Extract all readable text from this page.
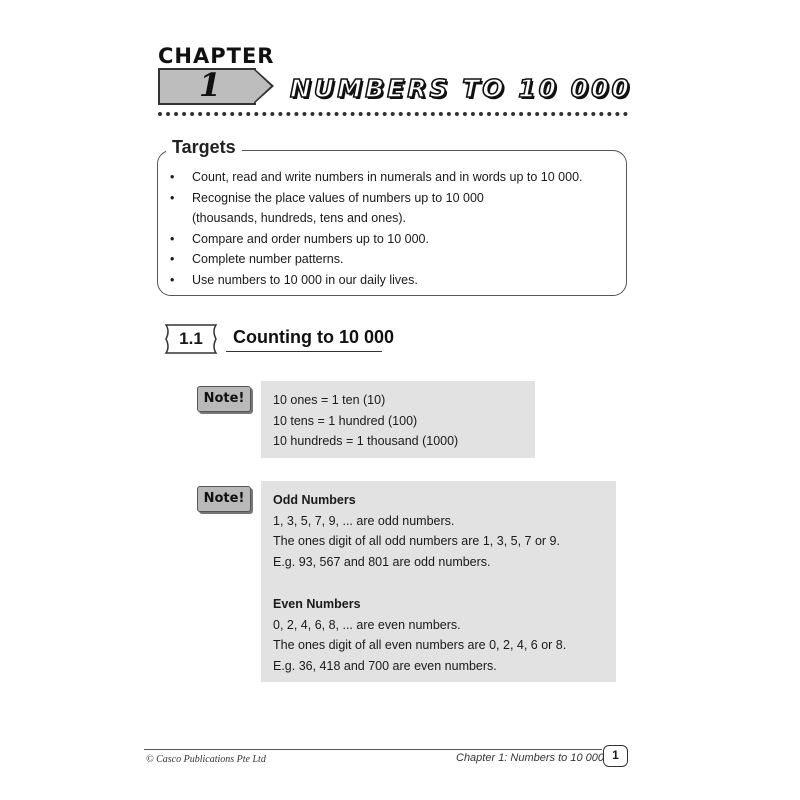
CHAPTER
1	NUMBERS TO 10 000
Targets
• Count, read and write numbers in numerals and in words up to 10 000.
• Recognise the place values of numbers up to 10 000
(thousands, hundreds, tens and ones).
• Compare and order numbers up to 10 000.
• Complete number patterns.
• Use numbers to 10 000 in our daily lives.
1.1	Counting to 10 000
Note!	10 ones = 1 ten (10)
10 tens = 1 hundred (100)
10 hundreds = 1 thousand (1000)
Note!	Odd Numbers
1, 3, 5, 7, 9, ... are odd numbers.
The ones digit of all odd numbers are 1, 3, 5, 7 or 9.
E.g. 93, 567 and 801 are odd numbers.
Even Numbers
0, 2, 4, 6, 8, ... are even numbers.
The ones digit of all even numbers are 0, 2, 4, 6 or 8.
E.g. 36, 418 and 700 are even numbers.
© Casco Publications Pte Ltd	Chapter 1: Numbers to 10 000 1
